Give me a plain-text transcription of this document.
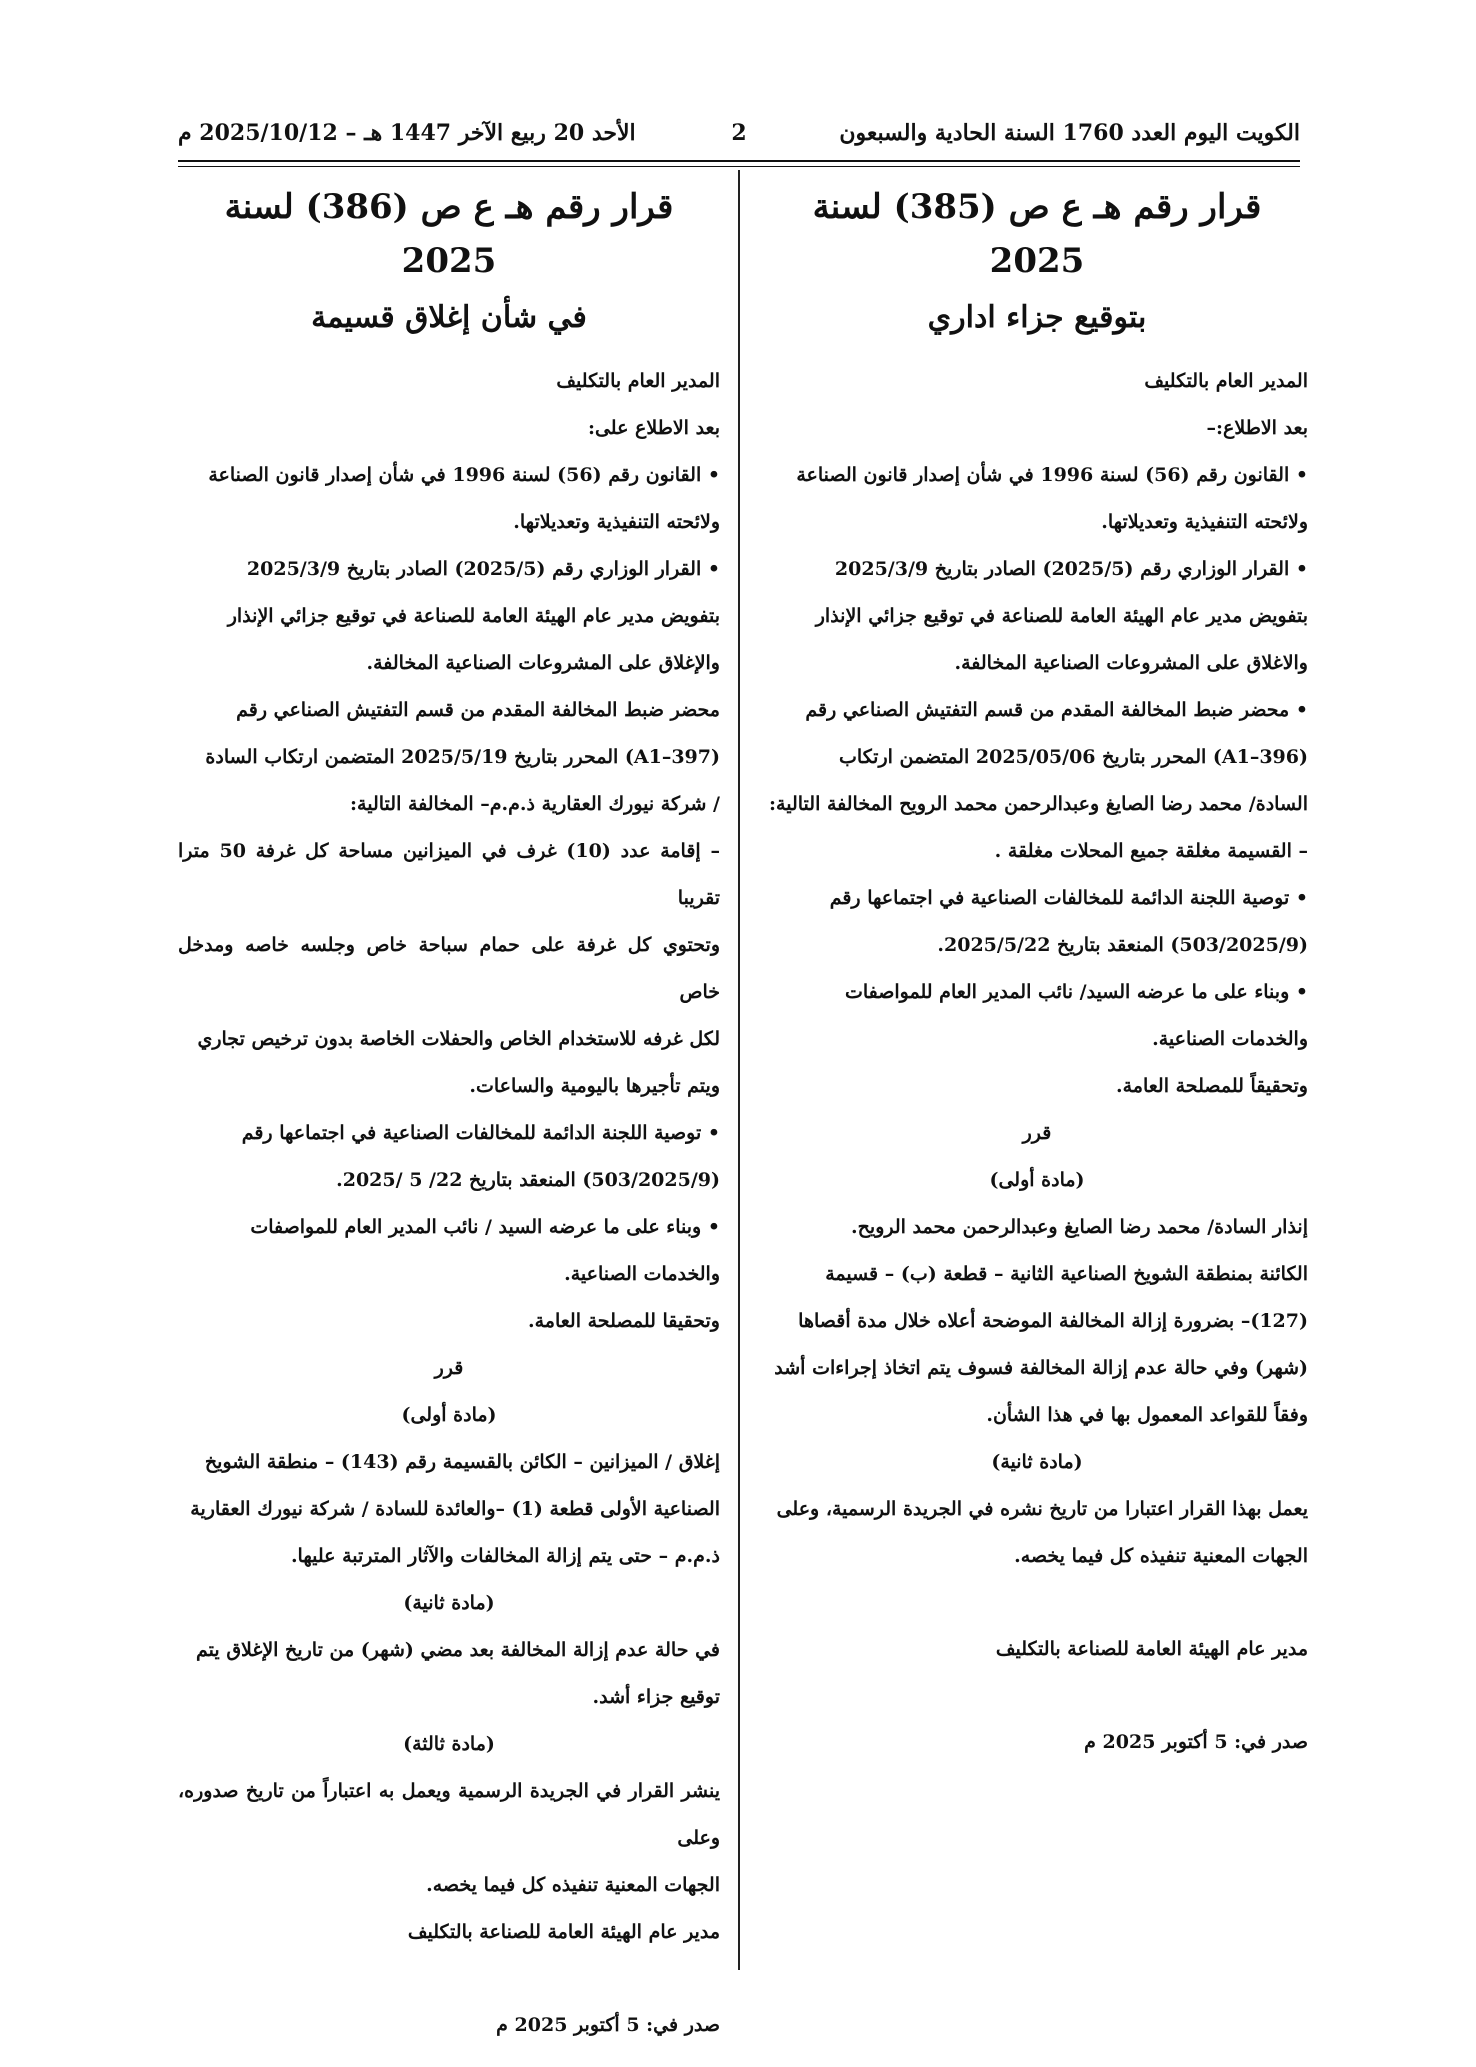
الكويت اليوم العدد 1760 السنة الحادية والسبعون
2
الأحد 20 ربيع الآخر 1447 هـ – 2025/10/12 م
قرار رقم هـ ع ص (385) لسنة 2025
بتوقيع جزاء اداري

المدير العام بالتكليف

بعد الاطلاع:–

• القانون رقم (56) لسنة 1996 في شأن إصدار قانون الصناعة

ولائحته التنفيذية وتعديلاتها.

• القرار الوزاري رقم (2025/5) الصادر بتاريخ 2025/3/9

بتفويض مدير عام الهيئة العامة للصناعة في توقيع جزائي الإنذار

والاغلاق على المشروعات الصناعية المخالفة.

• محضر ضبط المخالفة المقدم من قسم التفتيش الصناعي رقم

(A1–396) المحرر بتاريخ 2025/05/06 المتضمن ارتكاب

السادة/ محمد رضا الصايغ وعبدالرحمن محمد الرويح المخالفة التالية:

– القسيمة مغلقة جميع المحلات مغلقة .

• توصية اللجنة الدائمة للمخالفات الصناعية في اجتماعها رقم

(503/2025/9) المنعقد بتاريخ 2025/5/22.

• وبناء على ما عرضه السيد/ نائب المدير العام للمواصفات

والخدمات الصناعية.

وتحقيقاً للمصلحة العامة.

قرر

(مادة أولى)

إنذار السادة/ محمد رضا الصايغ وعبدالرحمن محمد الرويح.

الكائنة بمنطقة الشويخ الصناعية الثانية – قطعة (ب) – قسيمة

(127)– بضرورة إزالة المخالفة الموضحة أعلاه خلال مدة أقصاها

(شهر) وفي حالة عدم إزالة المخالفة فسوف يتم اتخاذ إجراءات أشد

وفقاً للقواعد المعمول بها في هذا الشأن.

(مادة ثانية)

يعمل بهذا القرار اعتبارا من تاريخ نشره في الجريدة الرسمية، وعلى

الجهات المعنية تنفيذه كل فيما يخصه.

مدير عام الهيئة العامة للصناعة بالتكليف

صدر في: 5 أكتوبر 2025 م

قرار رقم هـ ع ص (386) لسنة 2025
في شأن إغلاق قسيمة

المدير العام بالتكليف

بعد الاطلاع على:

• القانون رقم (56) لسنة 1996 في شأن إصدار قانون الصناعة

ولائحته التنفيذية وتعديلاتها.

• القرار الوزاري رقم (2025/5) الصادر بتاريخ 2025/3/9

بتفويض مدير عام الهيئة العامة للصناعة في توقيع جزائي الإنذار

والإغلاق على المشروعات الصناعية المخالفة.

محضر ضبط المخالفة المقدم من قسم التفتيش الصناعي رقم

(A1–397) المحرر بتاريخ 2025/5/19 المتضمن ارتكاب السادة

/ شركة نيورك العقارية ذ.م.م– المخالفة التالية:

– إقامة عدد (10) غرف في الميزانين مساحة كل غرفة 50 مترا تقريبا

وتحتوي كل غرفة على حمام سباحة خاص وجلسه خاصه ومدخل خاص

لكل غرفه للاستخدام الخاص والحفلات الخاصة بدون ترخيص تجاري

ويتم تأجيرها باليومية والساعات.

• توصية اللجنة الدائمة للمخالفات الصناعية في اجتماعها رقم

(503/2025/9) المنعقد بتاريخ 22/ 5 /2025.

• وبناء على ما عرضه السيد / نائب المدير العام للمواصفات

والخدمات الصناعية.

وتحقيقا للمصلحة العامة.

قرر

(مادة أولى)

إغلاق / الميزانين – الكائن بالقسيمة رقم (143) – منطقة الشويخ

الصناعية الأولى قطعة (1) –والعائدة للسادة / شركة نيورك العقارية

ذ.م.م – حتى يتم إزالة المخالفات والآثار المترتبة عليها.

(مادة ثانية)

في حالة عدم إزالة المخالفة بعد مضي (شهر) من تاريخ الإغلاق يتم

توقيع جزاء أشد.

(مادة ثالثة)

ينشر القرار في الجريدة الرسمية ويعمل به اعتباراً من تاريخ صدوره، وعلى

الجهات المعنية تنفيذه كل فيما يخصه.

مدير عام الهيئة العامة للصناعة بالتكليف

صدر في: 5 أكتوبر 2025 م
